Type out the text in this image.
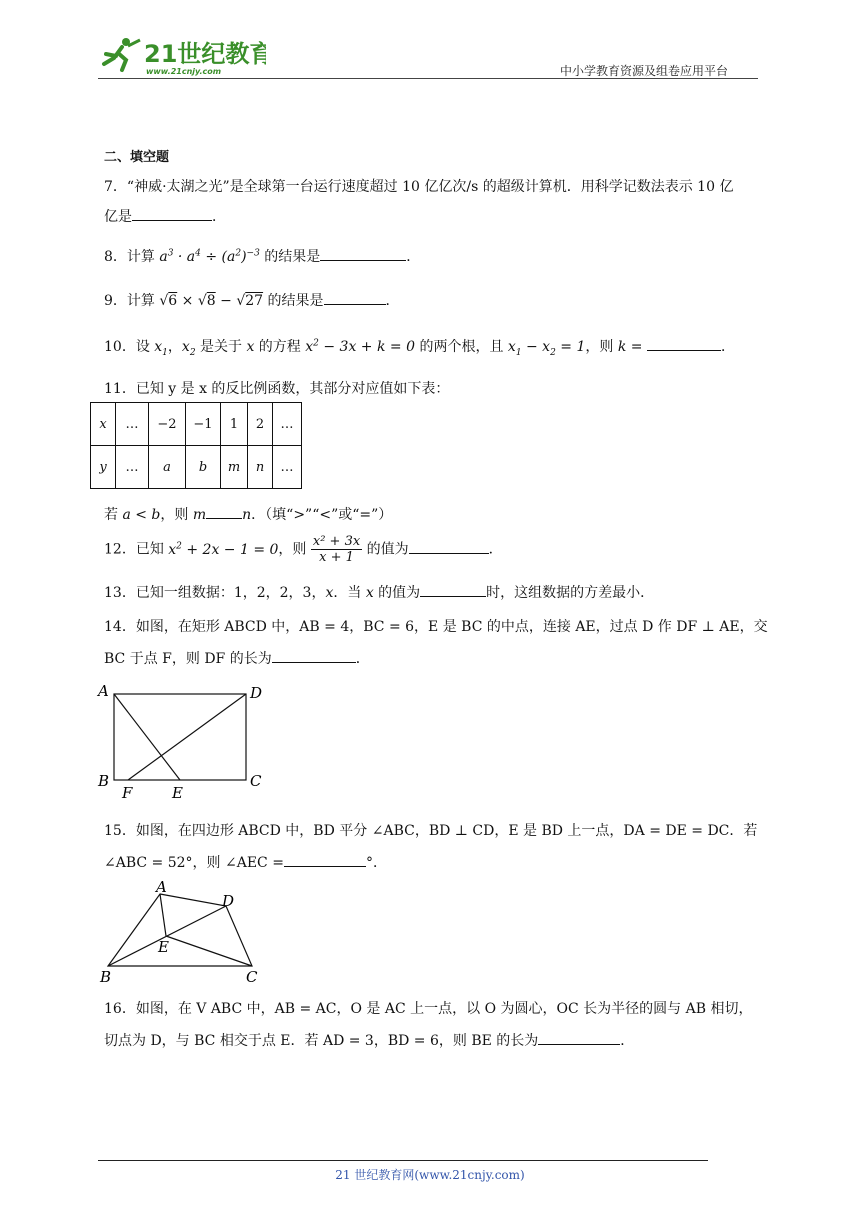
21世纪教育
www.21cnjy.com	中小学教育资源及组卷应用平台
二、填空题
7．“神威·太湖之光”是全球第一台运行速度超过 10 亿亿次/s 的超级计算机．用科学记数法表示 10 亿
亿是	．
8．计算 $a^3 \cdot a^4 \div (a^2)^{-3}$ 的结果是	．
9．计算 √6 × √8 − √27 的结果是	．
10．设 $x_1$，$x_2$ 是关于 x 的方程 $x^2 - 3x + k = 0$ 的两个根，且 $x_1 - x_2 = 1$，则 k =	．
11．已知 y 是 x 的反比例函数，其部分对应值如下表：
x	…	−2	−1	1	2	…
y	…	a	b	m	n	…
若 a < b，则 m	n．（填“>”“<”或“=”）
12．已知 $x^2 + 2x - 1 = 0$，则 $\frac{\text{x² + 3x}}{x + 1}$ 的值为	．
13．已知一组数据：1，2，2，3，x．当 x 的值为	时，这组数据的方差最小．
14．如图，在矩形 ABCD 中，AB = 4，BC = 6，E 是 BC 的中点，连接 AE，过点 D 作 DF ⊥ AE，交
BC 于点 F，则 DF 的长为	．
A	D
B	C
F	E
15．如图，在四边形 ABCD 中，BD 平分 ∠ABC，BD ⊥ CD，E 是 BD 上一点，DA = DE = DC．若
∠ABC = 52°，则 ∠AEC =	°．
A
D
B	C
E
16．如图，在 V ABC 中，AB = AC，O 是 AC 上一点，以 O 为圆心，OC 长为半径的圆与 AB 相切，
切点为 D，与 BC 相交于点 E．若 AD = 3，BD = 6，则 BE 的长为	．
21 世纪教育网(www.21cnjy.com)
